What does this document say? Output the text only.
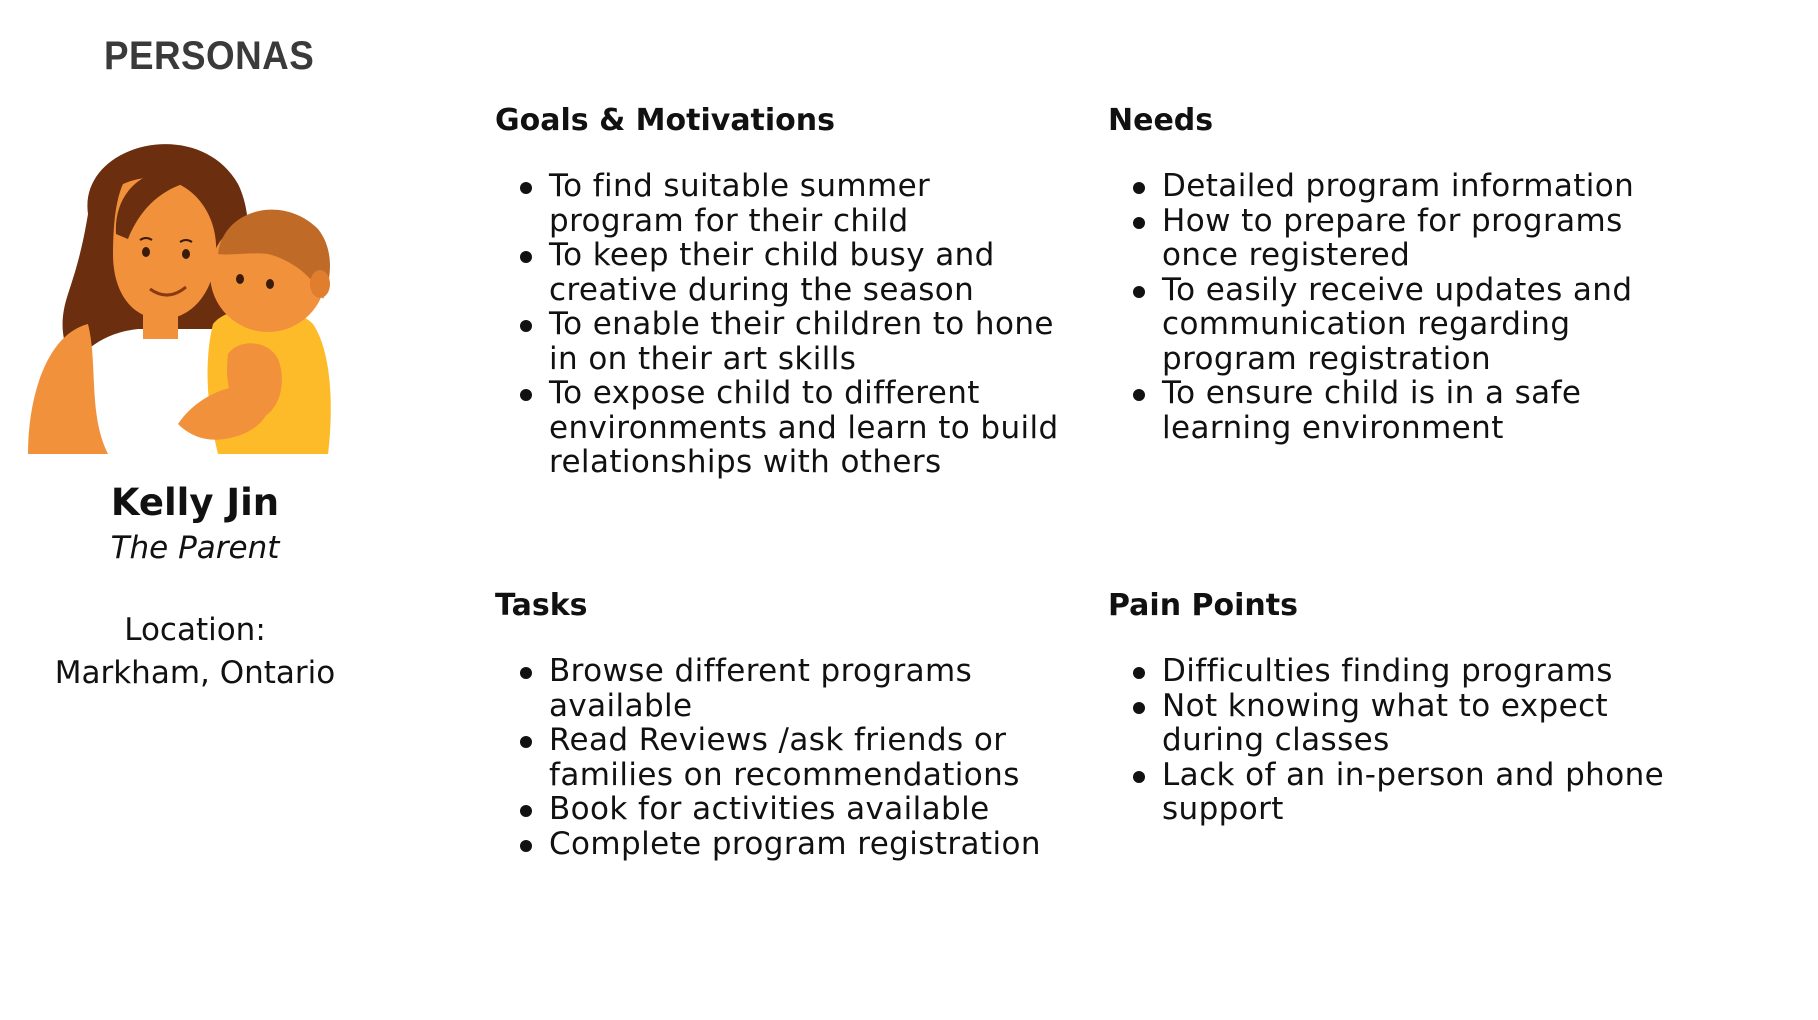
PERSONAS
Kelly Jin
The Parent
Location:
Markham, Ontario
Goals & Motivations
To find suitable summer program for their child
To keep their child busy and creative during the season
To enable their children to hone in on their art skills
To expose child to different environments and learn to build relationships with others
Needs
Detailed program information
How to prepare for programs once registered
To easily receive updates and communication regarding program registration
To ensure child is in a safe learning environment
Tasks
Browse different programs available
Read Reviews /ask friends or families on recommendations
Book for activities available
Complete program registration
Pain Points
Difficulties finding programs
Not knowing what to expect during classes
Lack of an in-person and phone support
